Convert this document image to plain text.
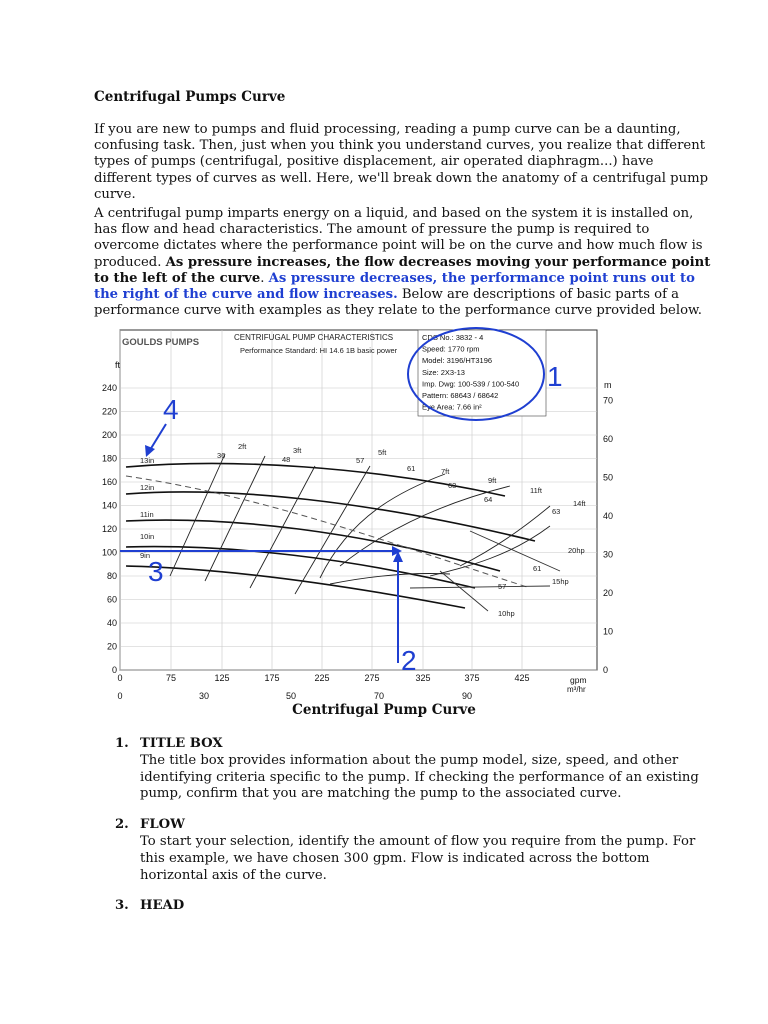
Centrifugal Pumps Curve

If you are new to pumps and fluid processing, reading a pump curve can be a daunting, confusing task. Then, just when you think you understand curves, you realize that different types of pumps (centrifugal, positive displacement, air operated diaphragm...) have different types of curves as well. Here, we'll break down the anatomy of a centrifugal pump curve.

A centrifugal pump imparts energy on a liquid, and based on the system it is installed on, has flow and head characteristics. The amount of pressure the pump is required to overcome dictates where the performance point will be on the curve and how much flow is produced. As pressure increases, the flow decreases moving your performance point to the left of the curve. As pressure decreases, the performance point runs out to the right of the curve and flow increases. Below are descriptions of basic parts of a performance curve with examples as they relate to the performance curve provided below.

GOULDS PUMPS	CENTRIFUGAL PUMP CHARACTERISTICS
Performance Standard: HI 14.6 1B basic power
CDS No.: 3832 - 4
Speed: 1770 rpm
Model: 3196/HT3196
Size: 2X3-13
Imp. Dwg: 100-539 / 100-540
Pattern: 68643 / 68642
Eye Area: 7.66 in²
ft
m
gpm
m³/hr
240
220
200
180
160
140
120
100
80
60
40
20
0
70
60
50
40
30
20
10
0
0	75	125	175	225	275	325	375	425
0	30	50	70	90
13in
12in
11in
10in
9in
2ft	3ft	5ft
7ft
9ft
11ft
14ft
36	48	57
61
63
64
63
61
57
20hp
15hp
10hp
1
2
3
4
Centrifugal Pump Curve
1. TITLE BOX
The title box provides information about the pump model, size, speed, and other identifying criteria specific to the pump. If checking the performance of an existing pump, confirm that you are matching the pump to the associated curve.
2. FLOW
To start your selection, identify the amount of flow you require from the pump. For this example, we have chosen 300 gpm. Flow is indicated across the bottom horizontal axis of the curve.
3. HEAD
